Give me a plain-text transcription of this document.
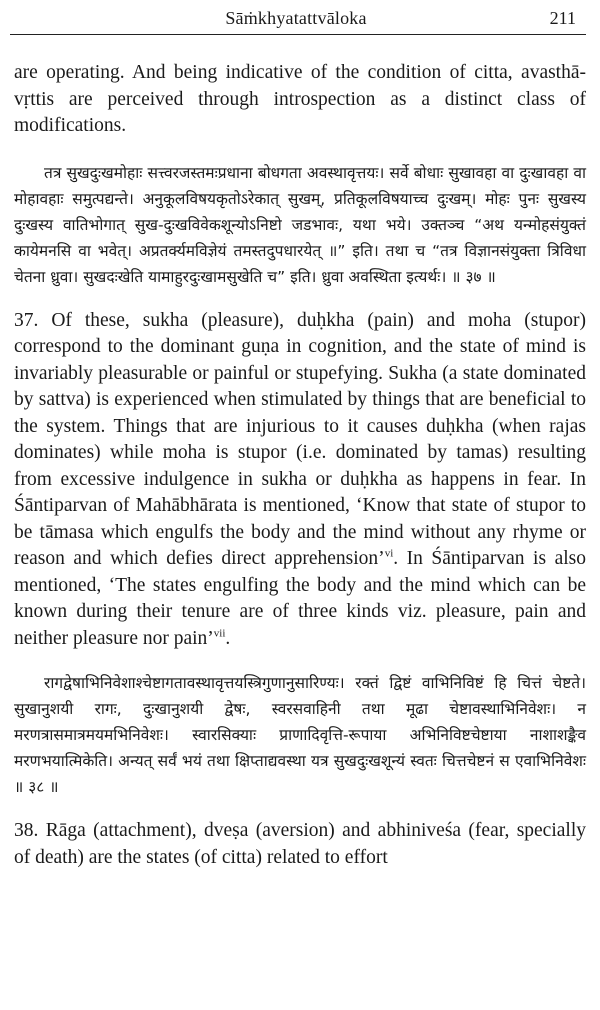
Sāṁkhyatattvāloka	211

are operating. And being indicative of the condition of citta, avasthā-vṛttis are perceived through introspection as a distinct class of modifications.

तत्र सुखदुःखमोहाः सत्त्वरजस्तमःप्रधाना बोधगता अवस्थावृत्तयः। सर्वे बोधाः सुखावहा वा दुःखावहा वा मोहावहाः समुत्पद्यन्ते। अनुकूलविषयकृतोऽरेकात् सुखम्, प्रतिकूलविषयाच्च दुःखम्। मोहः पुनः सुखस्य दुःखस्य वातिभोगात् सुख-दुःखविवेकशून्योऽनिष्टो जडभावः, यथा भये। उक्तञ्च “अथ यन्मोहसंयुक्तं कायेमनसि वा भवेत्। अप्रतर्क्यमविज्ञेयं तमस्तदुपधारयेत् ॥” इति। तथा च “तत्र विज्ञानसंयुक्ता त्रिविधा चेतना ध्रुवा। सुखदःखेति यामाहुरदुःखामसुखेति च” इति। ध्रुवा अवस्थिता इत्यर्थः। ॥ ३७ ॥

37. Of these, sukha (pleasure), duḥkha (pain) and moha (stupor) correspond to the dominant guṇa in cognition, and the state of mind is invariably pleasurable or painful or stupefying. Sukha (a state dominated by sattva) is experienced when stimulated by things that are beneficial to the system. Things that are injurious to it causes duḥkha (when rajas dominates) while moha is stupor (i.e. dominated by tamas) resulting from excessive indulgence in sukha or duḥkha as happens in fear. In Śāntiparvan of Mahābhārata is mentioned, ‘Know that state of stupor to be tāmasa which engulfs the body and the mind without any rhyme or reason and which defies direct apprehension’$^{vi}$. In Śāntiparvan is also mentioned, ‘The states engulfing the body and the mind which can be known during their tenure are of three kinds viz. pleasure, pain and neither pleasure nor pain’$^{vii}$.

रागद्वेषाभिनिवेशाश्चेष्टागतावस्थावृत्तयस्त्रिगुणानुसारिण्यः। रक्तं द्विष्टं वाभिनिविष्टं हि चित्तं चेष्टते। सुखानुशयी रागः, दुःखानुशयी द्वेषः, स्वरसवाहिनी तथा मूढा चेष्टावस्थाभिनिवेशः। न मरणत्रासमात्रमयमभिनिवेशः। स्वारसिक्याः प्राणादिवृत्ति-रूपाया अभिनिविष्टचेष्टाया नाशाशङ्कैव मरणभयात्मिकेति। अन्यत् सर्वं भयं तथा क्षिप्ताद्यवस्था यत्र सुखदुःखशून्यं स्वतः चित्तचेष्टनं स एवाभिनिवेशः ॥ ३८ ॥

38. Rāga (attachment), dveṣa (aversion) and abhiniveśa (fear, specially of death) are the states (of citta) related to effort
